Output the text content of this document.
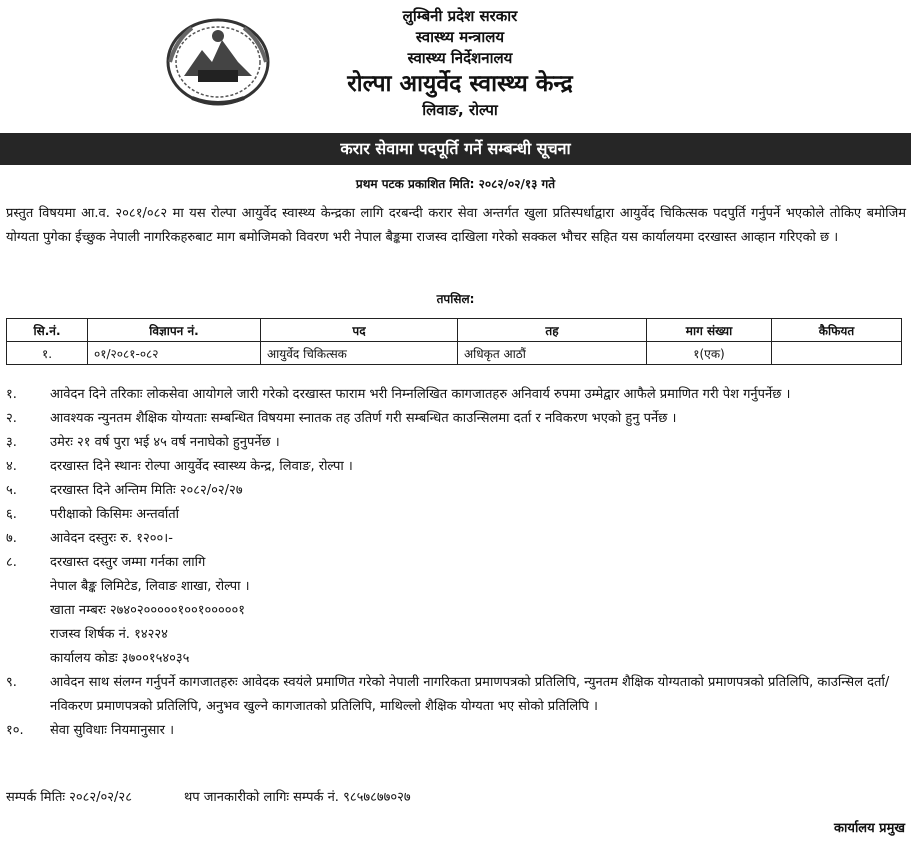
लुम्बिनी प्रदेश सरकार
स्वास्थ्य मन्त्रालय
स्वास्थ्य निर्देशनालय
रोल्पा आयुर्वेद स्वास्थ्य केन्द्र
लिवाङ, रोल्पा
करार सेवामा पदपूर्ति गर्ने सम्बन्धी सूचना
प्रथम पटक प्रकाशित मिति: २०८२/०२/१३ गते
प्रस्तुत विषयमा आ.व. २०८१/०८२ मा यस रोल्पा आयुर्वेद स्वास्थ्य केन्द्रका लागि दरबन्दी करार सेवा अन्तर्गत खुला प्रतिस्पर्धाद्वारा आयुर्वेद चिकित्सक पदपुर्ति गर्नुपर्ने भएकोले तोकिए बमोजिम योग्यता पुगेका ईच्छुक नेपाली नागरिकहरुबाट माग बमोजिमको विवरण भरी नेपाल बैङ्कमा राजस्व दाखिला गरेको सक्कल भौचर सहित यस कार्यालयमा दरखास्त आव्हान गरिएको छ ।
तपसिल:
सि.नं.	विज्ञापन नं.	पद	तह	माग संख्या	कैफियत
१.	०१/२०८१-०८२	आयुर्वेद चिकित्सक	अधिकृत आठौं	१(एक)	
१.	आवेदन दिने तरिकाः लोकसेवा आयोगले जारी गरेको दरखास्त फाराम भरी निम्नलिखित कागजातहरु अनिवार्य रुपमा उम्मेद्वार आफैले प्रमाणित गरी पेश गर्नुपर्नेछ ।
२.	आवश्यक न्युनतम शैक्षिक योग्यताः सम्बन्धित विषयमा स्नातक तह उतिर्ण गरी सम्बन्धित काउन्सिलमा दर्ता र नविकरण भएको हुनु पर्नेछ ।
३.	उमेरः २१ वर्ष पुरा भई ४५ वर्ष ननाघेको हुनुपर्नेछ ।
४.	दरखास्त दिने स्थानः रोल्पा आयुर्वेद स्वास्थ्य केन्द्र, लिवाङ, रोल्पा ।
५.	दरखास्त दिने अन्तिम मितिः २०८२/०२/२७
६.	परीक्षाको किसिमः अन्तर्वार्ता
७.	आवेदन दस्तुरः रु. १२००।-
८.	दरखास्त दस्तुर जम्मा गर्नका लागि
नेपाल बैङ्क लिमिटेड, लिवाङ शाखा, रोल्पा ।
खाता नम्बरः २७४०२०००००१००१०००००१
राजस्व शिर्षक नं. १४२२४
कार्यालय कोडः ३७००१५४०३५
९.	आवेदन साथ संलग्न गर्नुपर्ने कागजातहरुः आवेदक स्वयंले प्रमाणित गरेको नेपाली नागरिकता प्रमाणपत्रको प्रतिलिपि, न्युनतम शैक्षिक योग्यताको प्रमाणपत्रको प्रतिलिपि, काउन्सिल दर्ता/नविकरण प्रमाणपत्रको प्रतिलिपि, अनुभव खुल्ने कागजातको प्रतिलिपि, माथिल्लो शैक्षिक योग्यता भए सोको प्रतिलिपि ।
१०. सेवा सुविधाः नियमानुसार ।
सम्पर्क मितिः २०८२/०२/२८	थप जानकारीको लागिः सम्पर्क नं. ९८५७८७७०२७
कार्यालय प्रमुख
